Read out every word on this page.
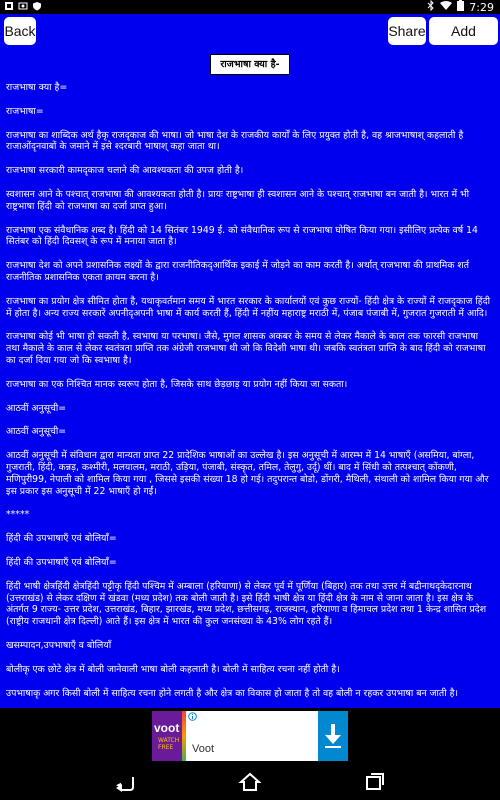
7:29
Back	Share	Add
राजभाषा क्या है-

राजभाषा क्या है=

राजभाषा=

राजभाषा का शाब्दिक अर्थ है‍कृ राजदृकाज की भाषा। जो भाषा देश के राजकीय कार्यों के लिए प्रयुक्त होती है, वह श्राजभाषाश् कहलाती है राजाओंदृनवाबों के जमाने में इसे श्दरबारी भाषाश् कहा जाता था।

राजभाषा सरकारी कामदृकाज चलाने की आवश्यकता की उपज होती है।

स्वशासन आने के पश्चात् राजभाषा की आवश्यकता होती है। प्रायः राष्ट्रभाषा ही स्वशासन आने के पश्चात् राजभाषा बन जाती है। भारत में भी राष्ट्रभाषा हिंदी को राजभाषा का दर्जा प्राप्त हुआ।

राजभाषा एक संवैधानिक शब्द है। हिंदी को 14 सितंबर 1949 ई. को संवैधानिक रूप से राजभाषा घोषित किया गया। इसीलिए प्रत्येक वर्ष 14 सितंबर को हिंदी दिवसश् के रूप में मनाया जाता है।

राजभाषा देश को अपने प्रशासनिक लक्ष्यों के द्वारा राजनीतिकदृआर्थिक इकाई में जोड़ने का काम करती है। अर्थात् राजभाषा की प्राथमिक शर्त राजनीतिक प्रशासनिक एकता क़ायम करना है।

राजभाषा का प्रयोग क्षेत्र सीमित होता है, यथाकृवर्तमान समय में भारत सरकार के कार्यालयों एवं कुछ राज्यों- हिंदी क्षेत्र के राज्यों में राजदृकाज हिंदी में होता है। अन्य राज्य सरकारें अपनीदृअपनी भाषा में कार्य करती हैं, हिंदी में नहीं‍य महाराष्ट्र मराठी में, पंजाब पंजाबी में, गुजरात गुजराती में आदि।

राजभाषा कोई भी भाषा हो सकती है, स्वभाषा या परभाषा। जैसे, मुगल शासक अकबर के समय से लेकर मैकाले के काल तक फारसी राजभाषा तथा मैकाले के काल से लेकर स्वतंत्रता प्राप्ति तक अंग्रेजी राजभाषा थी जो कि विदेशी भाषा थी। जबकि स्वतंत्रता प्राप्ति के बाद हिंदी को राजभाषा का दर्जा दिया गया जो कि स्वभाषा है।

राजभाषा का एक निश्चित मानक स्वरूप होता है, जिसके साथ छेड़छाड़ या प्रयोग नहीं किया जा सकता।

आठवीं अनुसूची=

आठवीं अनुसूची=

आठवीं अनुसूची में संविधान द्वारा मान्यता प्राप्त 22 प्रादेशिक भाषाओं का उल्लेख है। इस अनुसूची में आरम्भ में 14 भाषाएँ (असमिया, बांग्ला, गुजराती, हिंदी, कन्नड़, कश्मीरी, मलयालम, मराठी, उड़िया, पंजाबी, संस्कृत, तमिल, तेलुगु, उर्दू) थीं। बाद में सिंधी को तत्पश्चात् कोंकणी, मणिपुरी99, नेपाली को शामिल किया गया , जिससे इसकी संख्या 18 हो गई। तदुपरान्त बोडो, डोंगरी, मैथिली, संथाली को शामिल किया गया और इस प्रकार इस अनुसूची में 22 भाषाएँ हो गईं।

*****

हिंदी की उपभाषाएँ एवं बोलियाँ=

हिंदी की उपभाषाएँ एवं बोलियाँ=

हिंदी भाषी क्षेत्रहिंदी क्षेत्रहिंदी पट्टीकृ हिंदी पश्चिम में अम्बाला (हरियाणा) से लेकर पूर्व में पूर्णिया (बिहार) तक तथा उत्तर में बद्रीनाथदृकेदारनाथ (उत्तराखंड) से लेकर दक्षिण में खंडवा (मध्य प्रदेश) तक बोली जाती है। इसे हिंदी भाषी क्षेत्र या हिंदी क्षेत्र के नाम से जाना जाता है। इस क्षेत्र के अंतर्गत 9 राज्य- उत्तर प्रदेश, उत्तराखंड, बिहार, झारखंड, मध्य प्रदेश, छत्तीसगढ़, राजस्थान, हरियाणा व हिमाचल प्रदेश तथा 1 केन्द्र शासित प्रदेश (राष्ट्रीय राजधानी क्षेत्र दिल्ली) आते हैं। इस क्षेत्र में भारत की कुल जनसंख्या के 43% लोग रहते हैं।

खसम्पादन,उपभाषाएँ व बोलियाँ

बोलीकृ एक छोटे क्षेत्र में बोली जानेवाली भाषा बोली कहलाती है। बोली में साहित्य रचना नहीं होती है।

उपभाषाकृ अगर किसी बोली में साहित्य रचना होने लगती है और क्षेत्र का विकास हो जाता है तो वह बोली न रहकर उपभाषा बन जाती है।

voot
WATCH FREE	Voot
